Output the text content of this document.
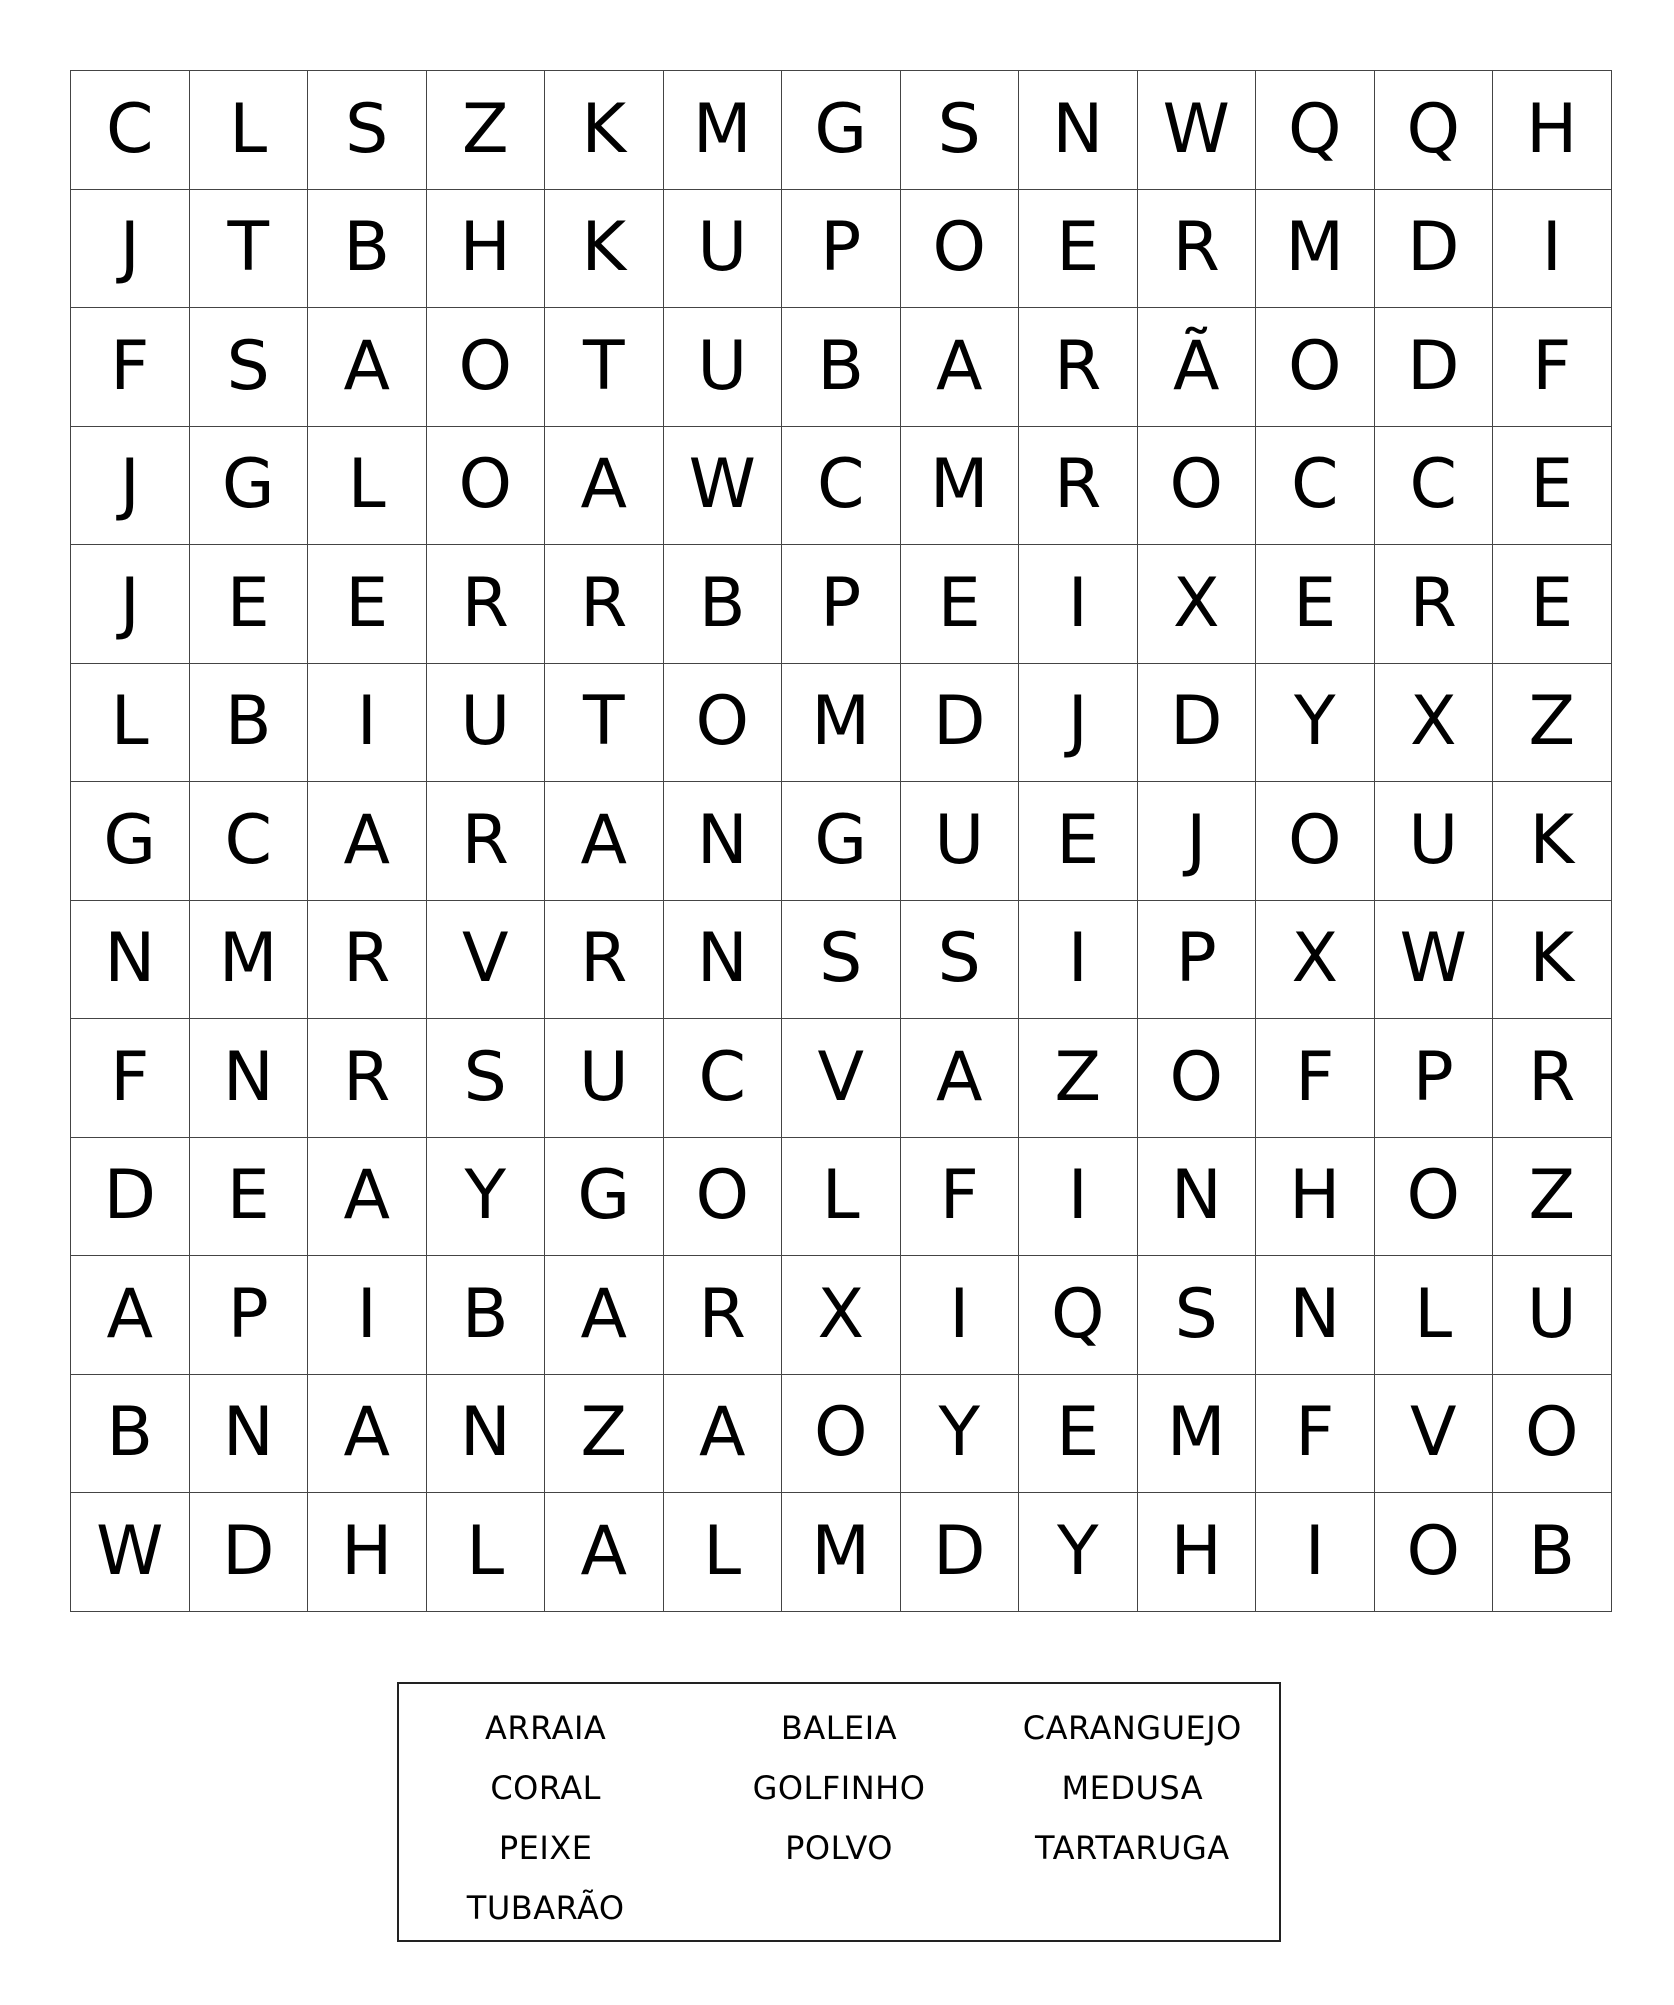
C	L	S	Z	K M G	S	N W Q Q H
J	T	B	H	K	U	P	O	E	R M D	I
F	S	A	O	T	U	B	A	R	Ã	O D	F
J	G	L	O	A W C M R	O C	C	E
J	E	E	R	R	B	P	E	I	X	E	R	E
L	B	I	U	T	O M D	J	D	Y	X	Z
G	C	A	R	A	N G U	E	J	O U	K
N M R	V	R	N	S	S	I	P	X W K
F	N	R	S	U	C	V	A	Z	O	F	P	R
D	E	A	Y	G O	L	F	I	N H O	Z
A	P	I	B	A	R	X	I	Q	S	N	L	U
B	N	A	N	Z	A	O	Y	E M	F	V	O
W D H	L	A	L	M D	Y	H	I	O	B
ARRAIA	BALEIA	CARANGUEJO
CORAL	GOLFINHO	MEDUSA
PEIXE	POLVO	TARTARUGA
TUBARÃO
